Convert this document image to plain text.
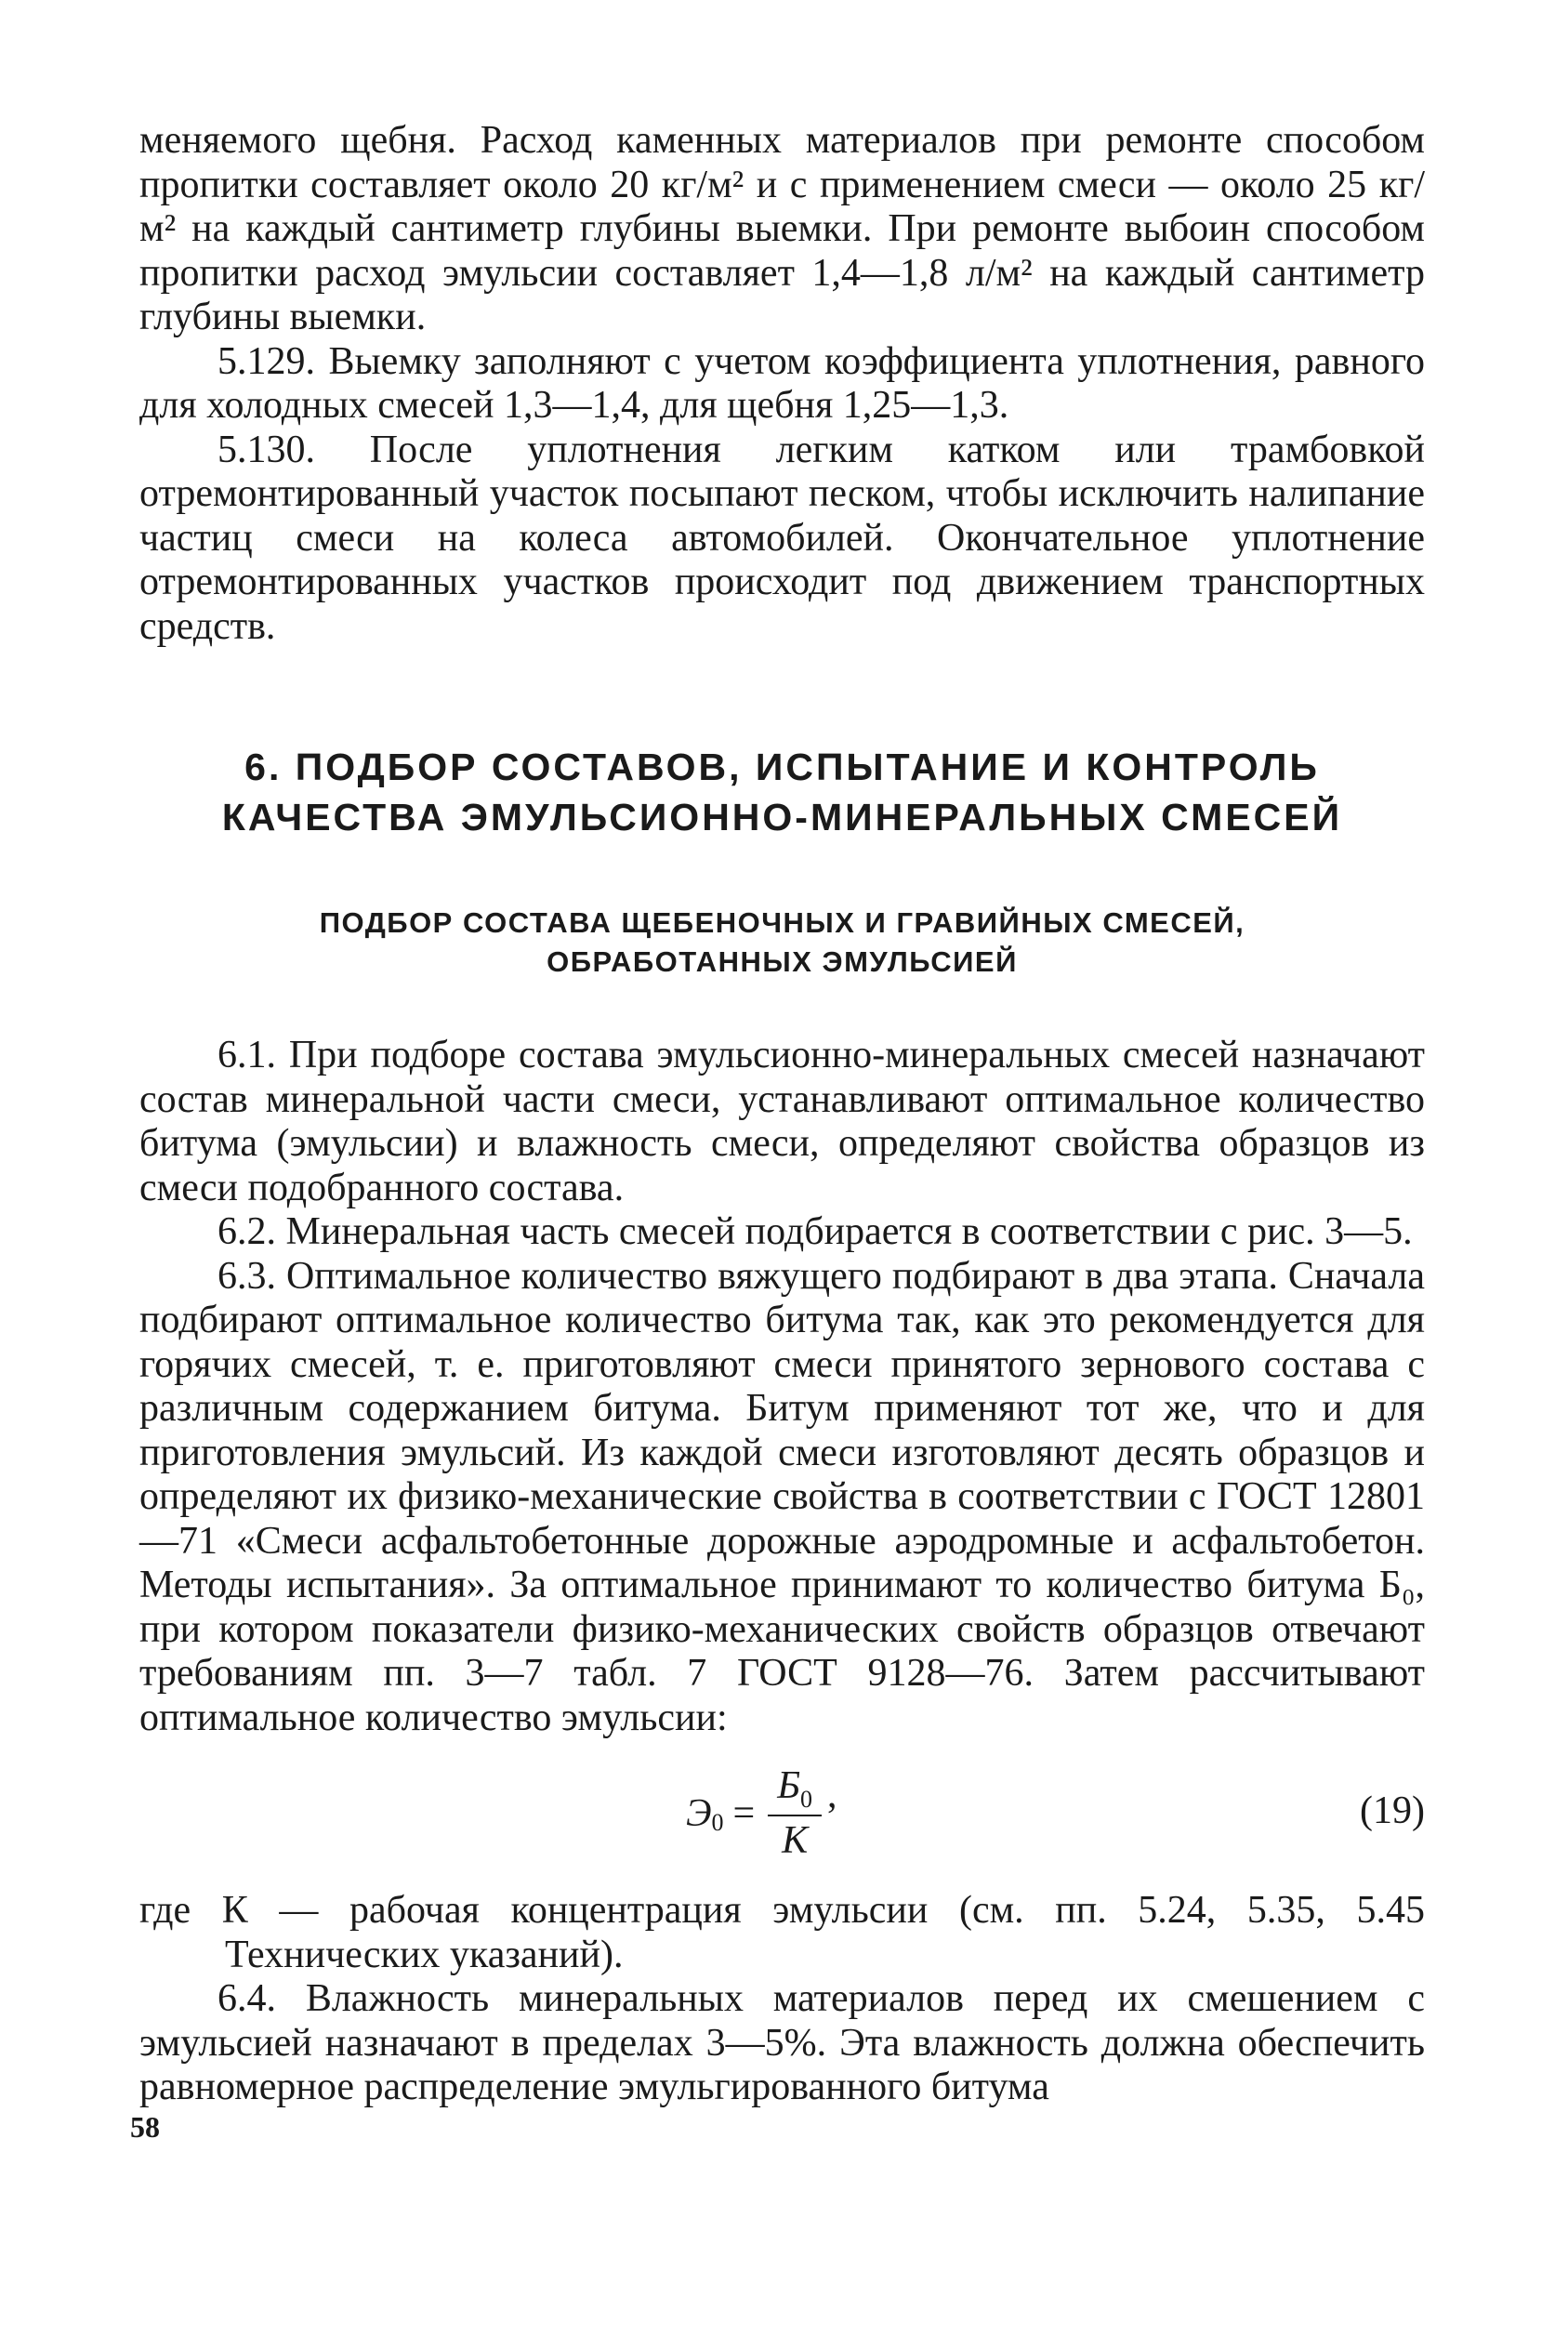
меняемого щебня. Расход каменных материалов при ремонте способом пропитки составляет около 20 кг/м² и с применением смеси — около 25 кг/м² на каждый сантиметр глубины выемки. При ремонте выбоин способом пропитки расход эмульсии составляет 1,4—1,8 л/м² на каждый сантиметр глубины выемки.

5.129. Выемку заполняют с учетом коэффициента уплотнения, равного для холодных смесей 1,3—1,4, для щебня 1,25—1,3.

5.130. После уплотнения легким катком или трамбовкой отремонтированный участок посыпают песком, чтобы исключить налипание частиц смеси на колеса автомобилей. Окончательное уплотнение отремонтированных участков происходит под движением транспортных средств.

6. ПОДБОР СОСТАВОВ, ИСПЫТАНИЕ И КОНТРОЛЬ
КАЧЕСТВА ЭМУЛЬСИОННО-МИНЕРАЛЬНЫХ СМЕСЕЙ
ПОДБОР СОСТАВА ЩЕБЕНОЧНЫХ И ГРАВИЙНЫХ СМЕСЕЙ,
ОБРАБОТАННЫХ ЭМУЛЬСИЕЙ

6.1. При подборе состава эмульсионно-минеральных смесей назначают состав минеральной части смеси, устанавливают оптимальное количество битума (эмульсии) и влажность смеси, определяют свойства образцов из смеси подобранного состава.

6.2. Минеральная часть смесей подбирается в соответствии с рис. 3—5.

6.3. Оптимальное количество вяжущего подбирают в два этапа. Сначала подбирают оптимальное количество битума так, как это рекомендуется для горячих смесей, т. е. приготовляют смеси принятого зернового состава с различным содержанием битума. Битум применяют тот же, что и для приготовления эмульсий. Из каждой смеси изготовляют десять образцов и определяют их физико-механические свойства в соответствии с ГОСТ 12801—71 «Смеси асфальтобетонные дорожные аэродромные и асфальтобетон. Методы испытания». За оптимальное принимают то количество битума Б₀, при котором показатели физико-механических свойств образцов отвечают требованиям пп. 3—7 табл. 7 ГОСТ 9128—76. Затем рассчитывают оптимальное количество эмульсии:

Э $0 = \frac{Б_0}{К}$ ,	(19)

где К — рабочая концентрация эмульсии (см. пп. 5.24, 5.35, 5.45 Технических указаний).

6.4. Влажность минеральных материалов перед их смешением с эмульсией назначают в пределах 3—5%. Эта влажность должна обеспечить равномерное распределение эмульгированного битума

58
